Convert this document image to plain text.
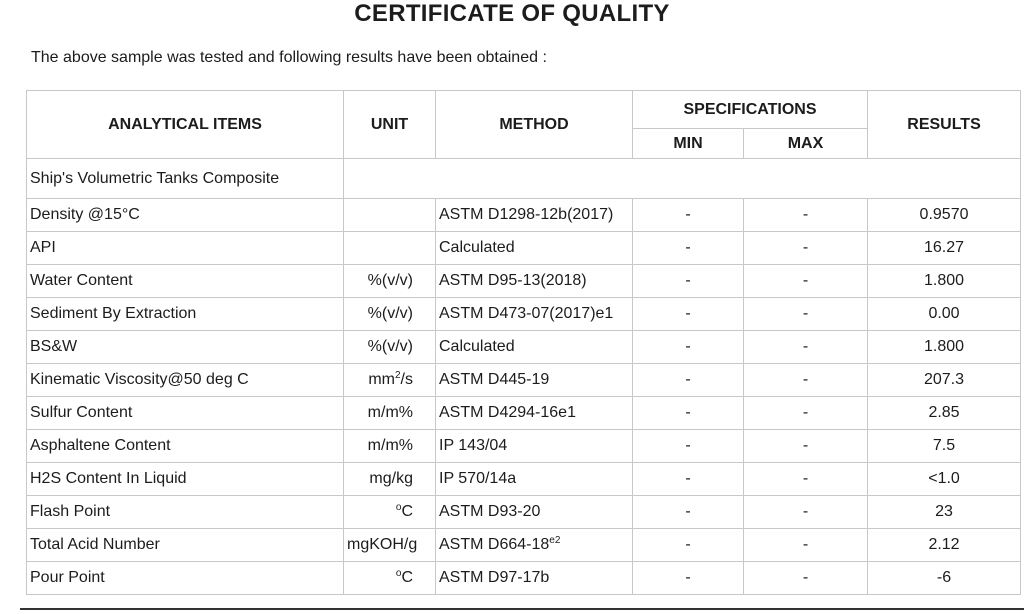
CERTIFICATE OF QUALITY
The above sample was tested and following results have been obtained :
ANALYTICAL ITEMS	UNIT	METHOD	SPECIFICATIONS		RESULTS
			MIN	MAX	
Ship's Volumetric Tanks Composite					
Density @15°C		ASTM D1298-12b(2017)	-	-	0.9570
API		Calculated	-	-	16.27
Water Content	%(v/v)	ASTM D95-13(2018)	-	-	1.800
Sediment By Extraction	%(v/v)	ASTM D473-07(2017)e1	-	-	0.00
BS&W	%(v/v)	Calculated	-	-	1.800
Kinematic Viscosity@50 deg C	$mm^2/s$	ASTM D445-19	-	-	207.3
Sulfur Content	m/m%	ASTM D4294-16e1	-	-	2.85
Asphaltene Content	m/m%	IP 143/04	-	-	7.5
H2S Content In Liquid	mg/kg	IP 570/14a	-	-	<1.0
Flash Point	$^o$C	ASTM D93-20	-	-	23
Total Acid Number	mgKOH/g	ASTM $D664-18^{e2}$	-	-	2.12
Pour Point	$^o$C	ASTM D97-17b	-	-	-6
